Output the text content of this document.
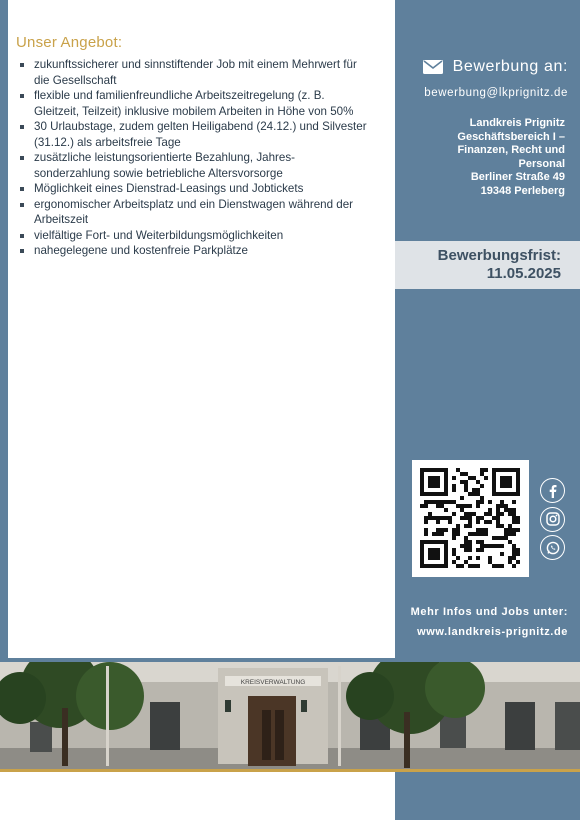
Unser Angebot:
zukunftssicherer und sinnstiftender Job mit einem Mehrwert für die Gesellschaft
flexible und familienfreundliche Arbeitszeitregelung (z. B. Gleitzeit, Teilzeit) inklusive mobilem Arbeiten in Höhe von 50%
30 Urlaubstage, zudem gelten Heiligabend (24.12.) und Silvester (31.12.) als arbeitsfreie Tage
zusätzliche leistungsorientierte Bezahlung, Jahres-sonderzahlung sowie betriebliche Altersvorsorge
Möglichkeit eines Dienstrad-Leasings und Jobtickets
ergonomischer Arbeitsplatz und ein Dienstwagen während der Arbeitszeit
vielfältige Fort- und Weiterbildungsmöglichkeiten
nahegelegene und kostenfreie Parkplätze
Bewerbung an:
bewerbung@lkprignitz.de
Landkreis Prignitz
Geschäftsbereich I –
Finanzen, Recht und
Personal
Berliner Straße 49
19348 Perleberg
Bewerbungsfrist:
11.05.2025
Mehr Infos und Jobs unter:
www.landkreis-prignitz.de
KREISVERWALTUNG
